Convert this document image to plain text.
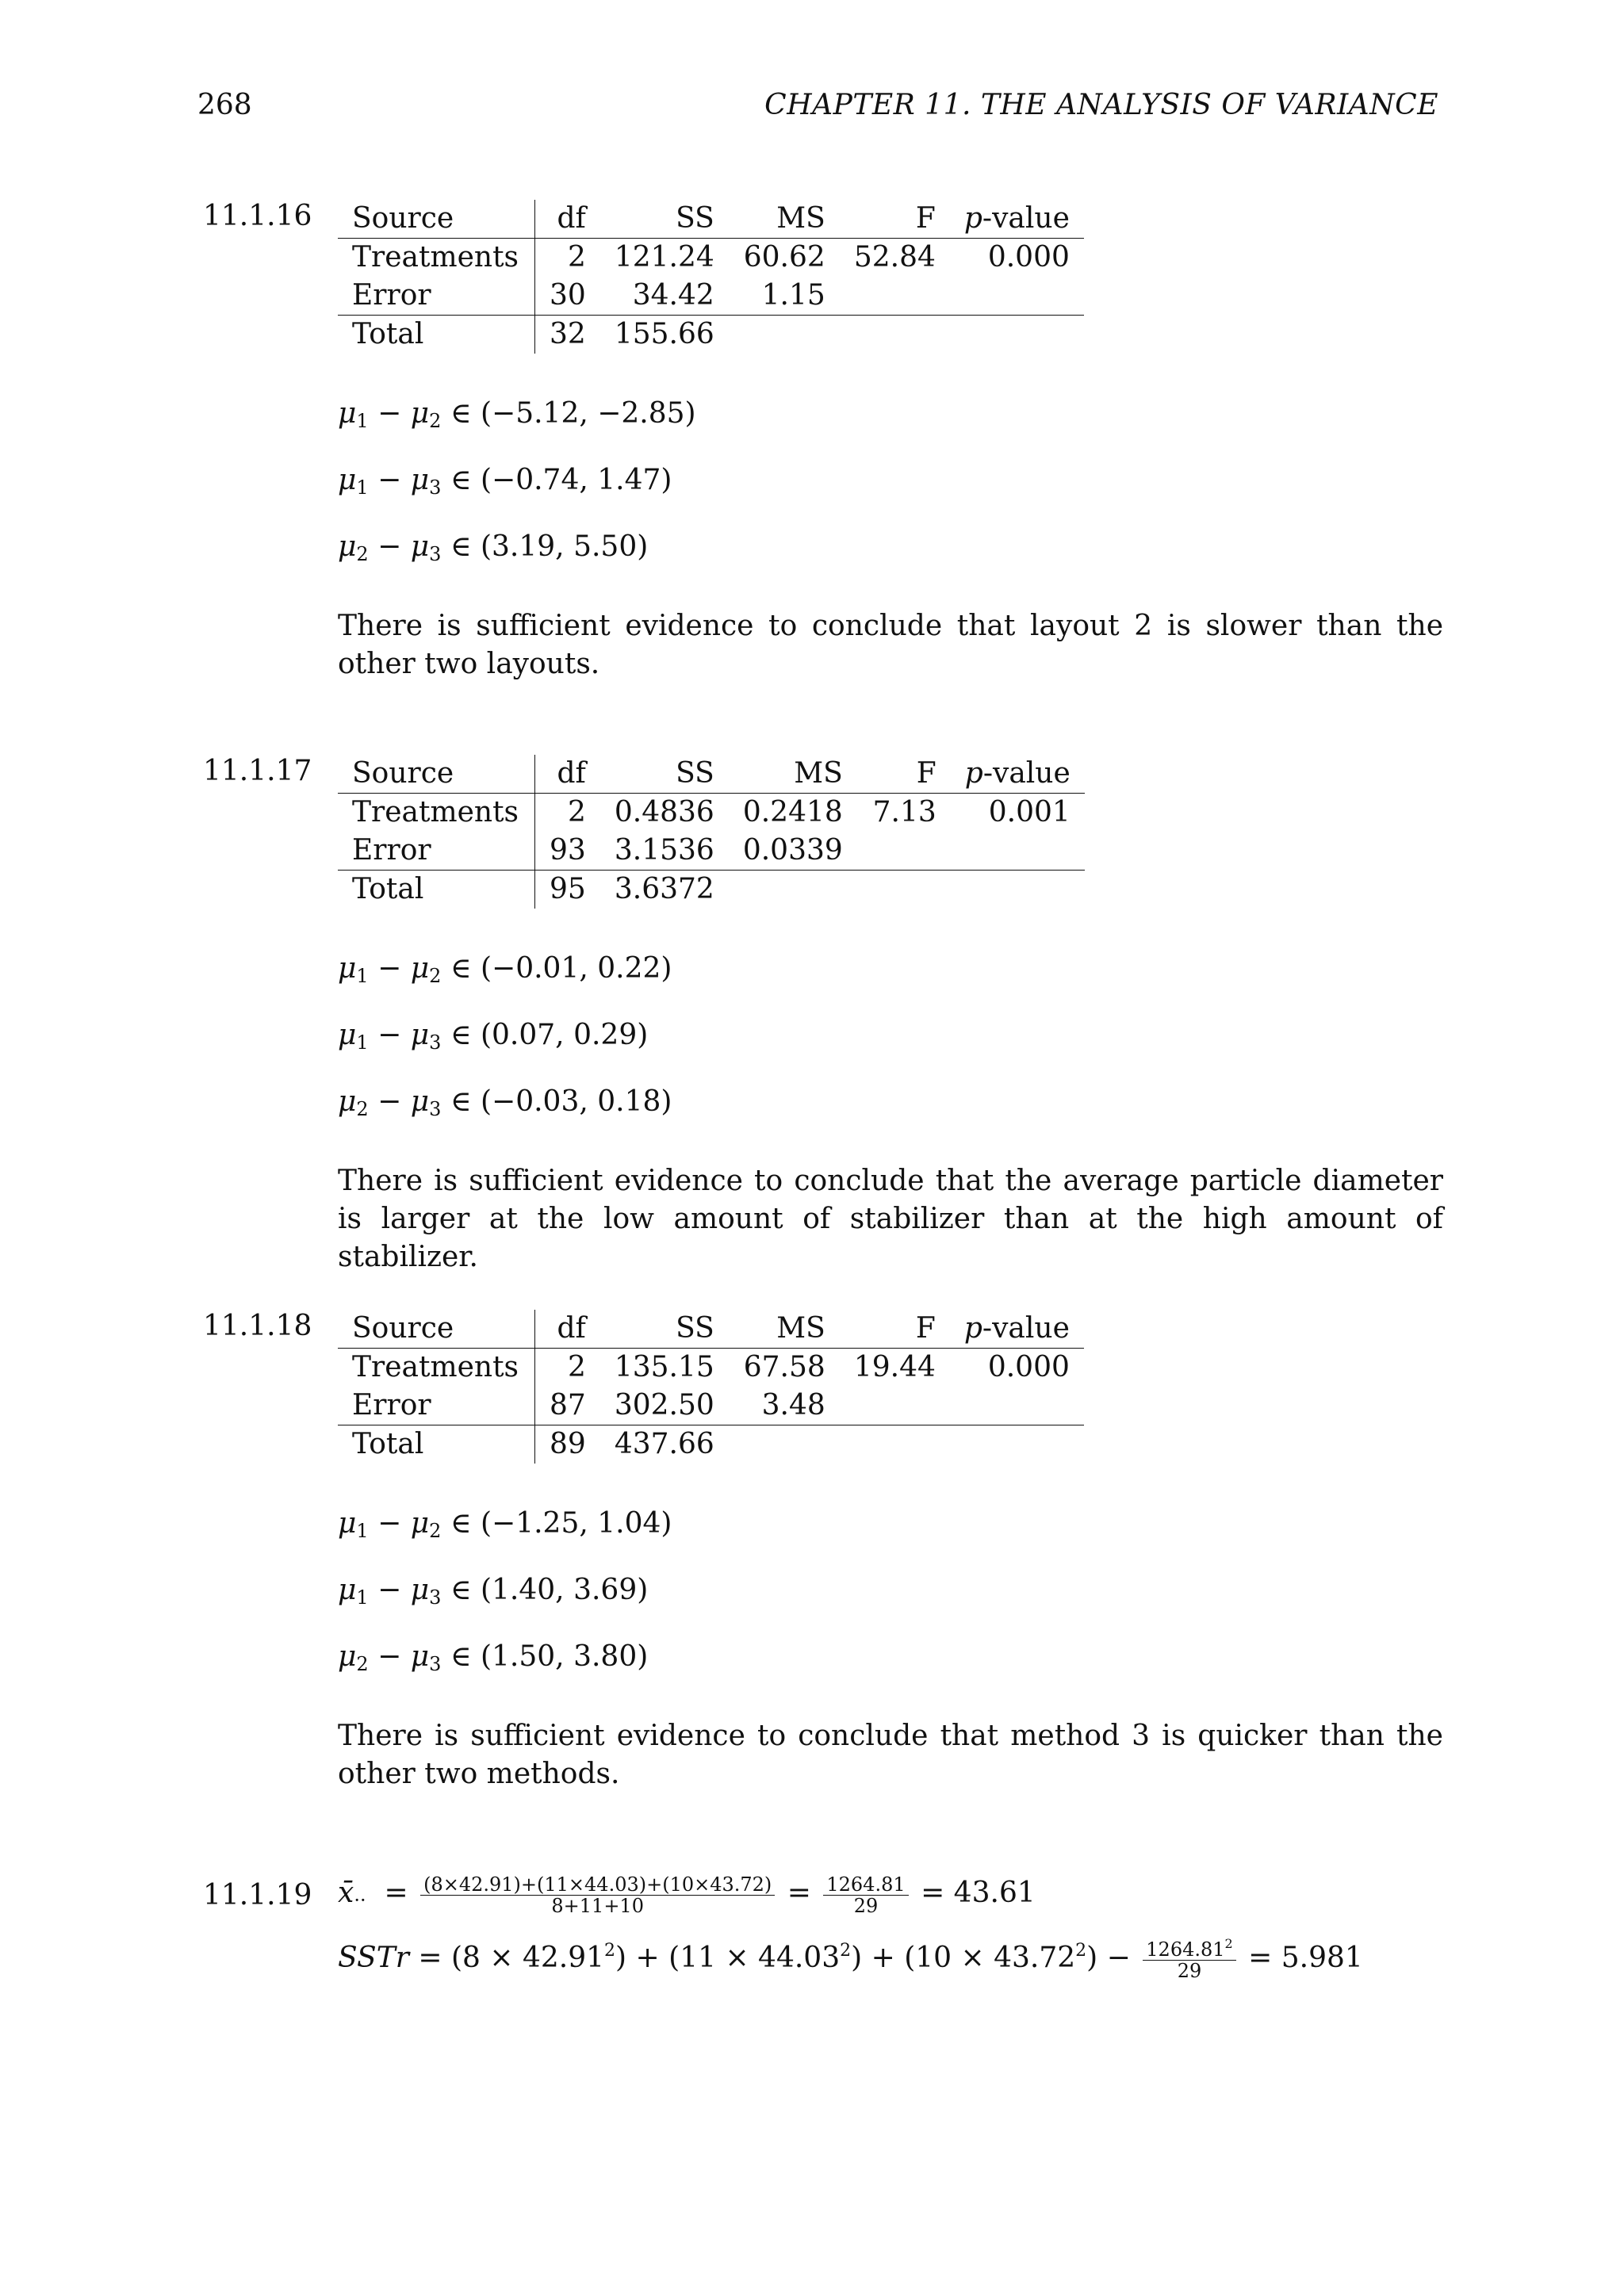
268	CHAPTER 11. THE ANALYSIS OF VARIANCE
11.1.16 Source	df	SS	MS	F	p-value
Treatments	2	121.24	60.62	52.84	0.000
Error	30	34.42	1.15		
Total	32	155.66			
$\mu_1 - \mu_2$ ∈ (−5.12, −2.85)
$\mu_1 - \mu_3$ ∈ (−0.74, 1.47)
$\mu_2 - \mu_3$ ∈ (3.19, 5.50)
There is sufficient evidence to conclude that layout 2 is slower than the other two layouts.
11.1.17 Source	df	SS	MS	F	p-value
Treatments	2	0.4836	0.2418	7.13	0.001
Error	93	3.1536	0.0339		
Total	95	3.6372			
$\mu_1 - \mu_2$ ∈ (−0.01, 0.22)
$\mu_1 - \mu_3$ ∈ (0.07, 0.29)
$\mu_2 - \mu_3$ ∈ (−0.03, 0.18)
There is sufficient evidence to conclude that the average particle diameter is larger at the low amount of stabilizer than at the high amount of stabilizer.
11.1.18 Source	df	SS	MS	F	p-value
Treatments	2	135.15	67.58	19.44	0.000
Error	87	302.50	3.48		
Total	89	437.66			
$\mu_1 - \mu_2$ ∈ (−1.25, 1.04)
$\mu_1 - \mu_3$ ∈ (1.40, 3.69)
$\mu_2 - \mu_3$ ∈ (1.50, 3.80)
There is sufficient evidence to conclude that method 3 is quicker than the other two methods.
11.1.19 $x̄_{\cdot\cdot} = \frac{(8\times 42.91)+(11\times 44.03)+(10\times 43.72)}{8+11+10} = \frac{1264.81}{29} = 43.61$
SSTr = $(8 \times 42.91^2) + (11 \times 44.03^2) + (10 \times 43.72^2) - \frac{1264.81^2}{29} = 5.981$
